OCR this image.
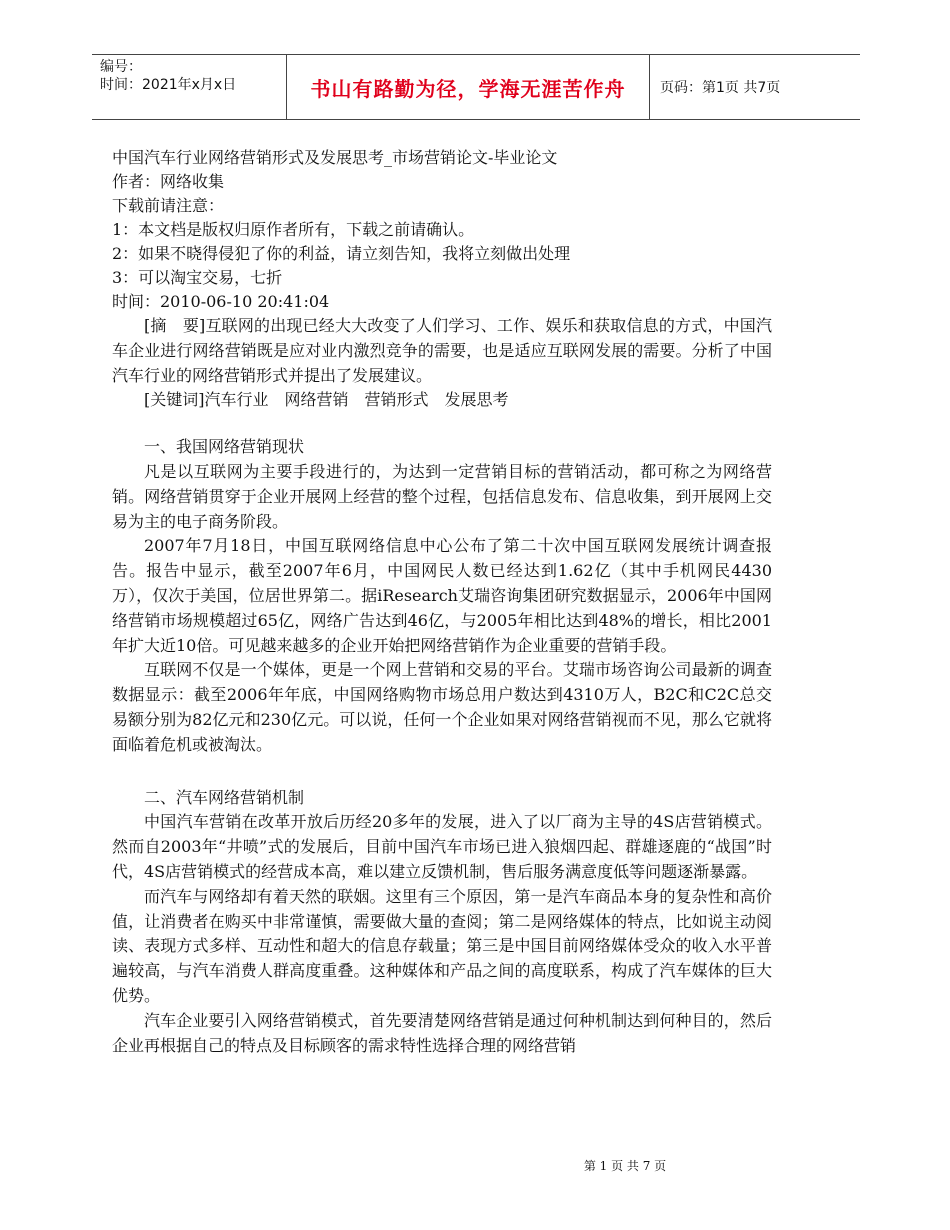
编号：
时间：2021年x月x日	书山有路勤为径，学海无涯苦作舟	页码：第1页 共7页

中国汽车行业网络营销形式及发展思考_市场营销论文-毕业论文

作者：网络收集

下载前请注意：

1：本文档是版权归原作者所有，下载之前请确认。

2：如果不晓得侵犯了你的利益，请立刻告知，我将立刻做出处理

3：可以淘宝交易，七折

时间：2010-06-10 20:41:04

[摘　要]互联网的出现已经大大改变了人们学习、工作、娱乐和获取信息的方式，中国汽车企业进行网络营销既是应对业内激烈竞争的需要，也是适应互联网发展的需要。分析了中国汽车行业的网络营销形式并提出了发展建议。

[关键词]汽车行业　网络营销　营销形式　发展思考

一、我国网络营销现状

凡是以互联网为主要手段进行的，为达到一定营销目标的营销活动，都可称之为网络营销。网络营销贯穿于企业开展网上经营的整个过程，包括信息发布、信息收集，到开展网上交易为主的电子商务阶段。

2007年7月18日，中国互联网络信息中心公布了第二十次中国互联网发展统计调查报告。报告中显示，截至2007年6月，中国网民人数已经达到1.62亿（其中手机网民4430万），仅次于美国，位居世界第二。据iResearch艾瑞咨询集团研究数据显示，2006年中国网络营销市场规模超过65亿，网络广告达到46亿，与2005年相比达到48%的增长，相比2001年扩大近10倍。可见越来越多的企业开始把网络营销作为企业重要的营销手段。

互联网不仅是一个媒体，更是一个网上营销和交易的平台。艾瑞市场咨询公司最新的调查数据显示：截至2006年年底，中国网络购物市场总用户数达到4310万人，B2C和C2C总交易额分别为82亿元和230亿元。可以说，任何一个企业如果对网络营销视而不见，那么它就将面临着危机或被淘汰。

二、汽车网络营销机制

中国汽车营销在改革开放后历经20多年的发展，进入了以厂商为主导的4S店营销模式。然而自2003年“井喷”式的发展后，目前中国汽车市场已进入狼烟四起、群雄逐鹿的“战国”时代，4S店营销模式的经营成本高，难以建立反馈机制，售后服务满意度低等问题逐渐暴露。

而汽车与网络却有着天然的联姻。这里有三个原因，第一是汽车商品本身的复杂性和高价值，让消费者在购买中非常谨慎，需要做大量的查阅；第二是网络媒体的特点，比如说主动阅读、表现方式多样、互动性和超大的信息存载量；第三是中国目前网络媒体受众的收入水平普遍较高，与汽车消费人群高度重叠。这种媒体和产品之间的高度联系，构成了汽车媒体的巨大优势。

汽车企业要引入网络营销模式，首先要清楚网络营销是通过何种机制达到何种目的，然后企业再根据自己的特点及目标顾客的需求特性选择合理的网络营销

第 1 页 共 7 页
